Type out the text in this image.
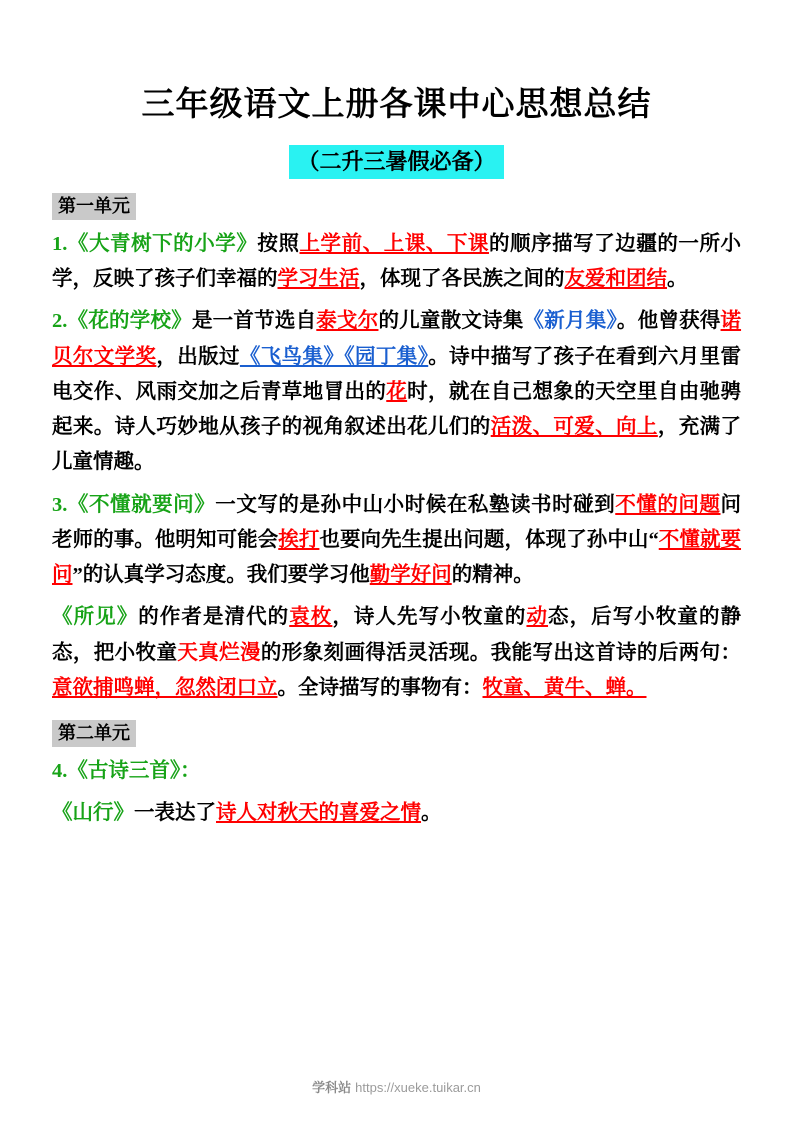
三年级语文上册各课中心思想总结
（二升三暑假必备）
第一单元

1.《大青树下的小学》按照上学前、上课、下课的顺序描写了边疆的一所小学，反映了孩子们幸福的学习生活，体现了各民族之间的友爱和团结。

2.《花的学校》是一首节选自泰戈尔的儿童散文诗集《新月集》。他曾获得诺贝尔文学奖，出版过《飞鸟集》《园丁集》。诗中描写了孩子在看到六月里雷电交作、风雨交加之后青草地冒出的花时，就在自己想象的天空里自由驰骋起来。诗人巧妙地从孩子的视角叙述出花儿们的活泼、可爱、向上，充满了儿童情趣。

3.《不懂就要问》一文写的是孙中山小时候在私塾读书时碰到不懂的问题问老师的事。他明知可能会挨打也要向先生提出问题，体现了孙中山“不懂就要问”的认真学习态度。我们要学习他勤学好问的精神。

《所见》的作者是清代的袁枚，诗人先写小牧童的动态，后写小牧童的静态，把小牧童天真烂漫的形象刻画得活灵活现。我能写出这首诗的后两句：意欲捕鸣蝉，忽然闭口立。全诗描写的事物有：牧童、黄牛、蝉。

第二单元

4.《古诗三首》：

《山行》一表达了诗人对秋天的喜爱之情。

学科站 https://xueke.tuikar.cn
